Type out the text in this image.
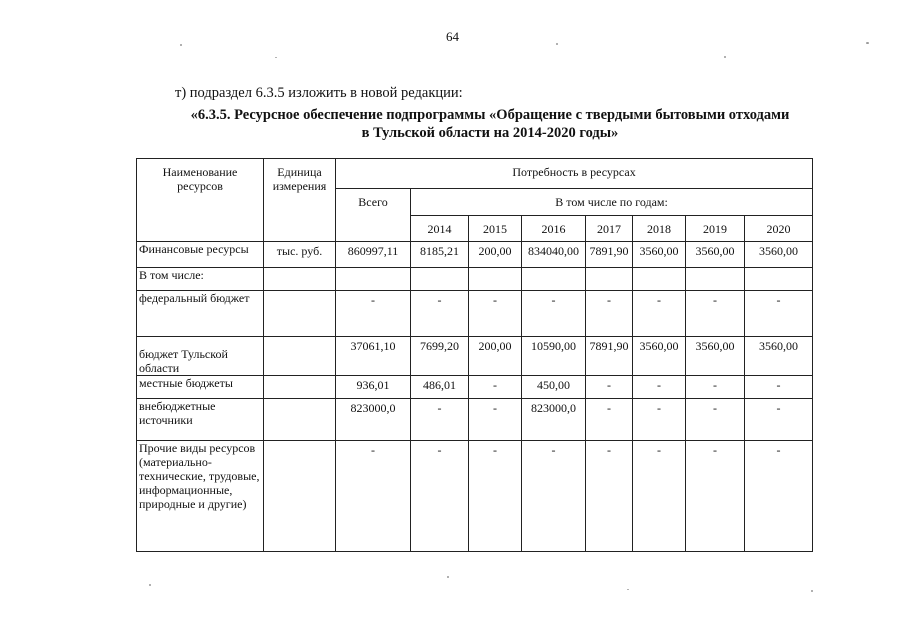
64
т) подраздел 6.3.5 изложить в новой редакции:
«6.3.5. Ресурсное обеспечение подпрограммы «Обращение с твердыми бытовыми отходами
в Тульской области на 2014-2020 годы»
Наименование ресурсов	Единица измерения	Потребность в ресурсах							
		Всего	В том числе по годам:						
			2014	2015	2016	2017	2018	2019	2020
Финансовые ресурсы	тыс. руб.	860997,11	8185,21	200,00	834040,00	7891,90	3560,00	3560,00	3560,00
В том числе:									
федеральный бюджет		-	-	-	-	-	-	-	-
бюджет Тульской области		37061,10	7699,20	200,00	10590,00	7891,90	3560,00	3560,00	3560,00
местные бюджеты		936,01	486,01	-	450,00	-	-	-	-
внебюджетные источники		823000,0	-	-	823000,0	-	-	-	-
Прочие виды ресурсов (материально-технические, трудовые, информационные, природные и другие)		-	-	-	-	-	-	-	-
